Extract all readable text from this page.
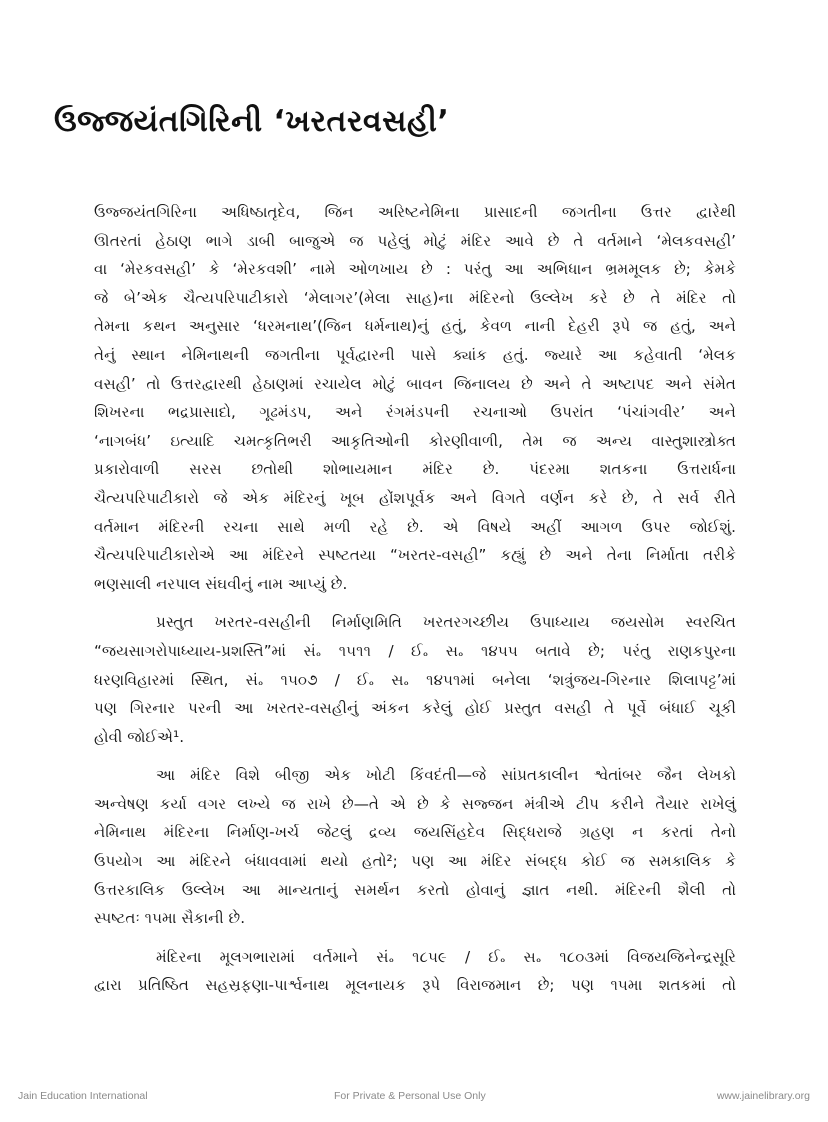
ઉજ્જયંતગિરિની ‘ખરતરવસહી’
ઉજ્જયંતગિરિના અધિષ્ઠાતૃદેવ, જિન અરિષ્ટનેમિના પ્રાસાદની જગતીના ઉત્તર દ્વારેથી
ઊતરતાં હેઠાણ ભાગે ડાબી બાજુએ જ પહેલું મોટું મંદિર આવે છે તે વર્તમાને ‘મેલકવસહી’
વા ‘મેરકવસહી’ કે ‘મેરકવશી’ નામે ઓળખાય છે : પરંતુ આ અભિધાન ભ્રમમૂલક છે; કેમકે
જે બે’એક ચૈત્યપરિપાટીકારો ‘મેલાગર’(મેલા સાહ)ના મંદિરનો ઉલ્લેખ કરે છે તે મંદિર તો
તેમના કથન અનુસાર ‘ધરમનાથ’(જિન ધર્મનાથ)નું હતું, કેવળ નાની દેહરી રૂપે જ હતું, અને
તેનું સ્થાન નેમિનાથની જગતીના પૂર્વદ્વારની પાસે ક્યાંક હતું. જ્યારે આ કહેવાતી ‘મેલક
વસહી’ તો ઉત્તરદ્વારથી હેઠાણમાં રચાયેલ મોટું બાવન જિનાલય છે અને તે અષ્ટાપદ અને સંમેત
શિખરના ભદ્રપ્રાસાદો, ગૂઢમંડપ, અને રંગમંડપની રચનાઓ ઉપરાંત ‘પંચાંગવીર’ અને
‘નાગબંધ’ ઇત્યાદિ ચમત્કૃતિભરી આકૃતિઓની કોરણીવાળી, તેમ જ અન્ય વાસ્તુશાસ્ત્રોક્ત
પ્રકારોવાળી સરસ છતોથી શોભાયમાન મંદિર છે. પંદરમા શતકના ઉત્તરાર્ધના
ચૈત્યપરિપાટીકારો જે એક મંદિરનું ખૂબ હોંશપૂર્વક અને વિગતે વર્ણન કરે છે, તે સર્વ રીતે
વર્તમાન મંદિરની રચના સાથે મળી રહે છે. એ વિષયે અહીં આગળ ઉપર જોઈશું.
ચૈત્યપરિપાટીકારોએ આ મંદિરને સ્પષ્ટતયા “ખરતર-વસહી” કહ્યું છે અને તેના નિર્માતા તરીકે
ભણસાલી નરપાલ સંઘવીનું નામ આપ્યું છે.
પ્રસ્તુત ખરતર-વસહીની નિર્માણમિતિ ખરતરગચ્છીય ઉપાધ્યાય જયસોમ સ્વરચિત
“જયસાગરોપાધ્યાય-પ્રશસ્તિ”માં સં૰ ૧૫૧૧ / ઈ૰ સ૰ ૧૪૫૫ બતાવે છે; પરંતુ રાણકપુરના
ધરણવિહારમાં સ્થિત, સં૰ ૧૫૦૭ / ઈ૰ સ૰ ૧૪૫૧માં બનેલા ‘શત્રુંજય-ગિરનાર શિલાપટ્ટ’માં
પણ ગિરનાર પરની આ ખરતર-વસહીનું અંકન કરેલું હોઈ પ્રસ્તુત વસહી તે પૂર્વે બંધાઈ ચૂકી
હોવી જોઈએ¹.
આ મંદિર વિશે બીજી એક ખોટી કિંવદંતી—જે સાંપ્રતકાલીન શ્વેતાંબર જૈન લેખકો
અન્વેષણ કર્યા વગર લખ્યે જ રાખે છે—તે એ છે કે સજ્જન મંત્રીએ ટીપ કરીને તૈયાર રાખેલું
નેમિનાથ મંદિરના નિર્માણ-ખર્ચ જેટલું દ્રવ્ય જયસિંહદેવ સિદ્ધરાજે ગ્રહણ ન કરતાં તેનો
ઉપયોગ આ મંદિરને બંધાવવામાં થયો હતો²; પણ આ મંદિર સંબદ્ધ કોઈ જ સમકાલિક કે
ઉત્તરકાલિક ઉલ્લેખ આ માન્યતાનું સમર્થન કરતો હોવાનું જ્ઞાત નથી. મંદિરની શૈલી તો
સ્પષ્ટતઃ ૧૫મા સૈકાની છે.
મંદિરના મૂલગભારામાં વર્તમાને સં૰ ૧૮૫૯ / ઈ૰ સ૰ ૧૮૦૩માં વિજયજિનેન્દ્રસૂરિ
દ્વારા પ્રતિષ્ઠિત સહસ્રફણા-પાર્શ્વનાથ મૂલનાયક રૂપે વિરાજમાન છે; પણ ૧૫મા શતકમાં તો
Jain Education International	For Private & Personal Use Only	www.jainelibrary.org
